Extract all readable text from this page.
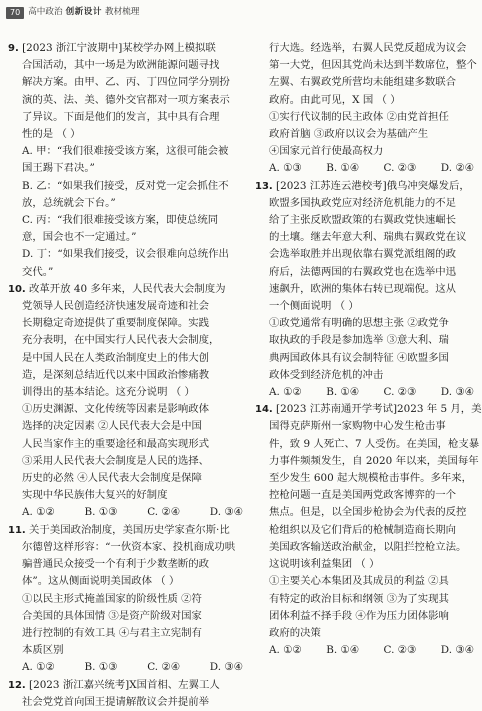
70 高中政治 创新设计 教材梳理
9. [2023 浙江宁波期中]某校学办网上模拟联
合国活动，其中一场是为欧洲能源问题寻找
解决方案。由甲、乙、丙、丁四位同学分别扮
演的英、法、美、德外交官都对一项方案表示
了异议。下面是他们的发言，其中具有合理
性的是 （ ）
A. 甲：“我们很难接受该方案，这很可能会被
国王踢下君决。”
B. 乙：“如果我们接受，反对党一定会抓住不
放，总统就会下台。”
C. 丙：“我们很难接受该方案，即使总统同
意，国会也不一定通过。”
D. 丁：“如果我们接受，议会很难向总统作出
交代。”
10. 改革开放 40 多年来，人民代表大会制度为
党领导人民创造经济快速发展奇迹和社会
长期稳定奇迹提供了重要制度保障。实践
充分表明，在中国实行人民代表大会制度，
是中国人民在人类政治制度史上的伟大创
造，是深刻总结近代以来中国政治惨痛教
训得出的基本结论。这充分说明 （ ）
①历史渊源、文化传统等因素是影响政体
选择的决定因素 ②人民代表大会是中国
人民当家作主的重要途径和最高实现形式
③采用人民代表大会制度是人民的选择、
历史的必然 ④人民代表大会制度是保障
实现中华民族伟大复兴的好制度
A. ①②	B. ①③	C. ②④	D. ③④
11. 关于美国政治制度，美国历史学家查尔斯·比
尔德曾这样形容：“一伙资本家、投机商成功哄
骗普通民众接受一个有利于少数垄断的政
体”。这从侧面说明美国政体 （ ）
①以民主形式掩盖国家的阶级性质 ②符
合美国的具体国情 ③是资产阶级对国家
进行控制的有效工具 ④与君主立宪制有
本质区别
A. ①②	B. ①③	C. ②④	D. ③④
12. [2023 浙江嘉兴统考]X国首相、左翼工人
社会党党首向国王提请解散议会并提前举
行大选。经选举，右翼人民党反超成为议会
第一大党，但因其党尚未达到半数席位，整个
左翼、右翼政党所营均未能组建多数联合
政府。由此可见，X 国 （ ）
①实行代议制的民主政体 ②由党首担任
政府首脑 ③政府以议会为基础产生
④国家元首行使最高权力
A. ①③ B. ①④ C. ②③ D. ②④
13. [2023 江苏连云港校考]俄乌冲突爆发后，
欧盟多国执政党应对经济危机能力的不足
给了主张反欧盟政策的右翼政党快速崛长
的土壤。继去年意大利、瑞典右翼政党在议
会选举取胜并出现依靠右翼党派组阁的政
府后，法德两国的右翼政党也在选举中迅
速飙升，欧洲的集体右转已现端倪。这从
一个侧面说明 （ ）
①政党通常有明确的思想主张 ②政党争
取执政的手段是参加选举 ③意大利、瑞
典两国政体具有议会制特征 ④欧盟多国
政体受到经济危机的冲击
A. ①② B. ①④ C. ②③ D. ③④
14. [2023 江苏南通开学考试]2023 年 5 月，美
国得克萨斯州一家购物中心发生枪击事
件，致 9 人死亡、7 人受伤。在美国，枪支暴
力事件频频发生，自 2020 年以来，美国每年
至少发生 600 起大规模枪击事件。多年来，
控枪问题一直是美国两党政客博弈的一个
焦点。但是，以全国步枪协会为代表的反控
枪组织以及它们背后的枪械制造商长期向
美国政客输送政治献金，以阻拦控枪立法。
这说明该利益集团 （ ）
①主要关心本集团及其成员的利益 ②具
有特定的政治目标和纲领 ③为了实现其
团体利益不择手段 ④作为压力团体影响
政府的决策
A. ①② B. ①④ C. ②③ D. ③④
